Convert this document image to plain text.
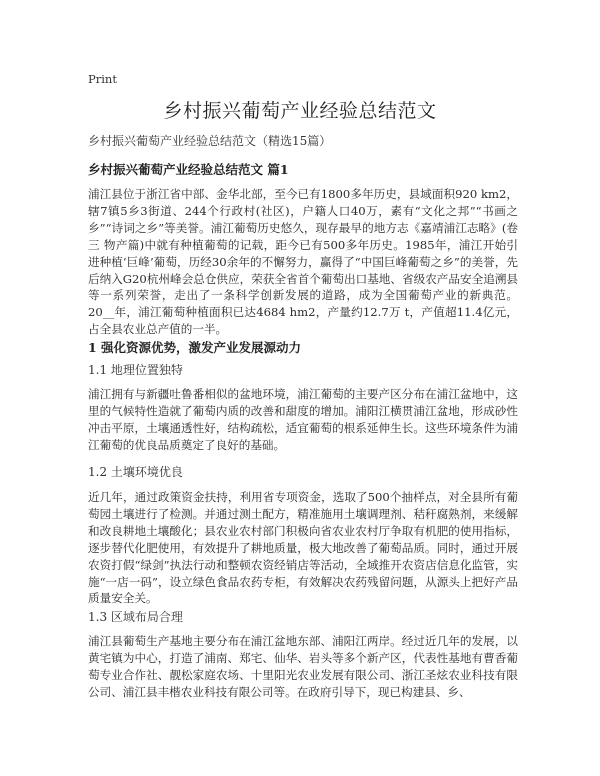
Print
乡村振兴葡萄产业经验总结范文
乡村振兴葡萄产业经验总结范文（精选15篇）
乡村振兴葡萄产业经验总结范文 篇1
浦江县位于浙江省中部、金华北部，至今已有1800多年历史，县域面积920 km2，辖7镇5乡3街道、244个行政村(社区)，户籍人口40万，素有“文化之邦”“书画之乡”“诗词之乡”等美誉。浦江葡萄历史悠久，现存最早的地方志《嘉靖浦江志略》(卷三 物产篇)中就有种植葡萄的记载，距今已有500多年历史。1985年，浦江开始引进种植‘巨峰’葡萄，历经30余年的不懈努力，赢得了“中国巨峰葡萄之乡”的美誉，先后纳入G20杭州峰会总仓供应，荣获全省首个葡萄出口基地、省级农产品安全追溯县等一系列荣誉，走出了一条科学创新发展的道路，成为全国葡萄产业的新典范。20__年，浦江葡萄种植面积已达4684 hm2，产量约12.7万 t，产值超11.4亿元，占全县农业总产值的一半。
1 强化资源优势，激发产业发展源动力
1.1 地理位置独特
浦江拥有与新疆吐鲁番相似的盆地环境，浦江葡萄的主要产区分布在浦江盆地中，这里的气候特性造就了葡萄内质的改善和甜度的增加。浦阳江横贯浦江盆地，形成砂性冲击平原，土壤通透性好，结构疏松，适宜葡萄的根系延伸生长。这些环境条件为浦江葡萄的优良品质奠定了良好的基础。
1.2 土壤环境优良
近几年，通过政策资金扶持，利用省专项资金，选取了500个抽样点，对全县所有葡萄园土壤进行了检测。并通过测土配方，精准施用土壤调理剂、秸秆腐熟剂，来缓解和改良耕地土壤酸化；县农业农村部门积极向省农业农村厅争取有机肥的使用指标，逐步替代化肥使用，有效提升了耕地质量，极大地改善了葡萄品质。同时，通过开展农资打假“绿剑”执法行动和整顿农资经销店等活动，全域推开农资店信息化监管，实施“一店一码”，设立绿色食品农药专柜，有效解决农药残留问题，从源头上把好产品质量安全关。
1.3 区域布局合理
浦江县葡萄生产基地主要分布在浦江盆地东部、浦阳江两岸。经过近几年的发展，以黄宅镇为中心，打造了浦南、郑宅、仙华、岩头等多个新产区，代表性基地有曹香葡萄专业合作社、靓松家庭农场、十里阳光农业发展有限公司、浙江圣炫农业科技有限公司、浦江县丰楷农业科技有限公司等。在政府引导下，现已构建县、乡、
